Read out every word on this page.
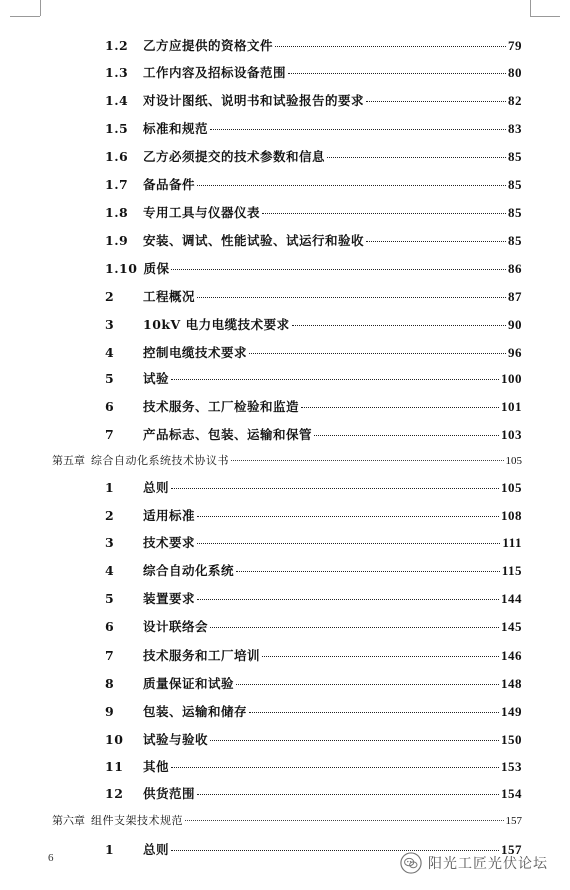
1.2	乙方应提供的资格文件	79
1.3	工作内容及招标设备范围	80
1.4	对设计图纸、说明书和试验报告的要求	82
1.5	标准和规范	83
1.6	乙方必须提交的技术参数和信息	85
1.7	备品备件	85
1.8	专用工具与仪器仪表	85
1.9	安装、调试、性能试验、试运行和验收	85
1.10 质保	86
2	工程概况	87
3	10kV 电力电缆技术要求	90
4	控制电缆技术要求	96
5	试验	100
6	技术服务、工厂检验和监造	101
7	产品标志、包装、运输和保管	103
第五章 综合自动化系统技术协议书	105
1	总则	105
2	适用标准	108
3	技术要求	111
4	综合自动化系统	115
5	装置要求	144
6	设计联络会	145
7	技术服务和工厂培训	146
8	质量保证和试验	148
9	包装、运输和储存	149
10	试验与验收	150
11	其他	153
12	供货范围	154
第六章 组件支架技术规范	157
1	总则	157
6	阳光工匠光伏论坛
